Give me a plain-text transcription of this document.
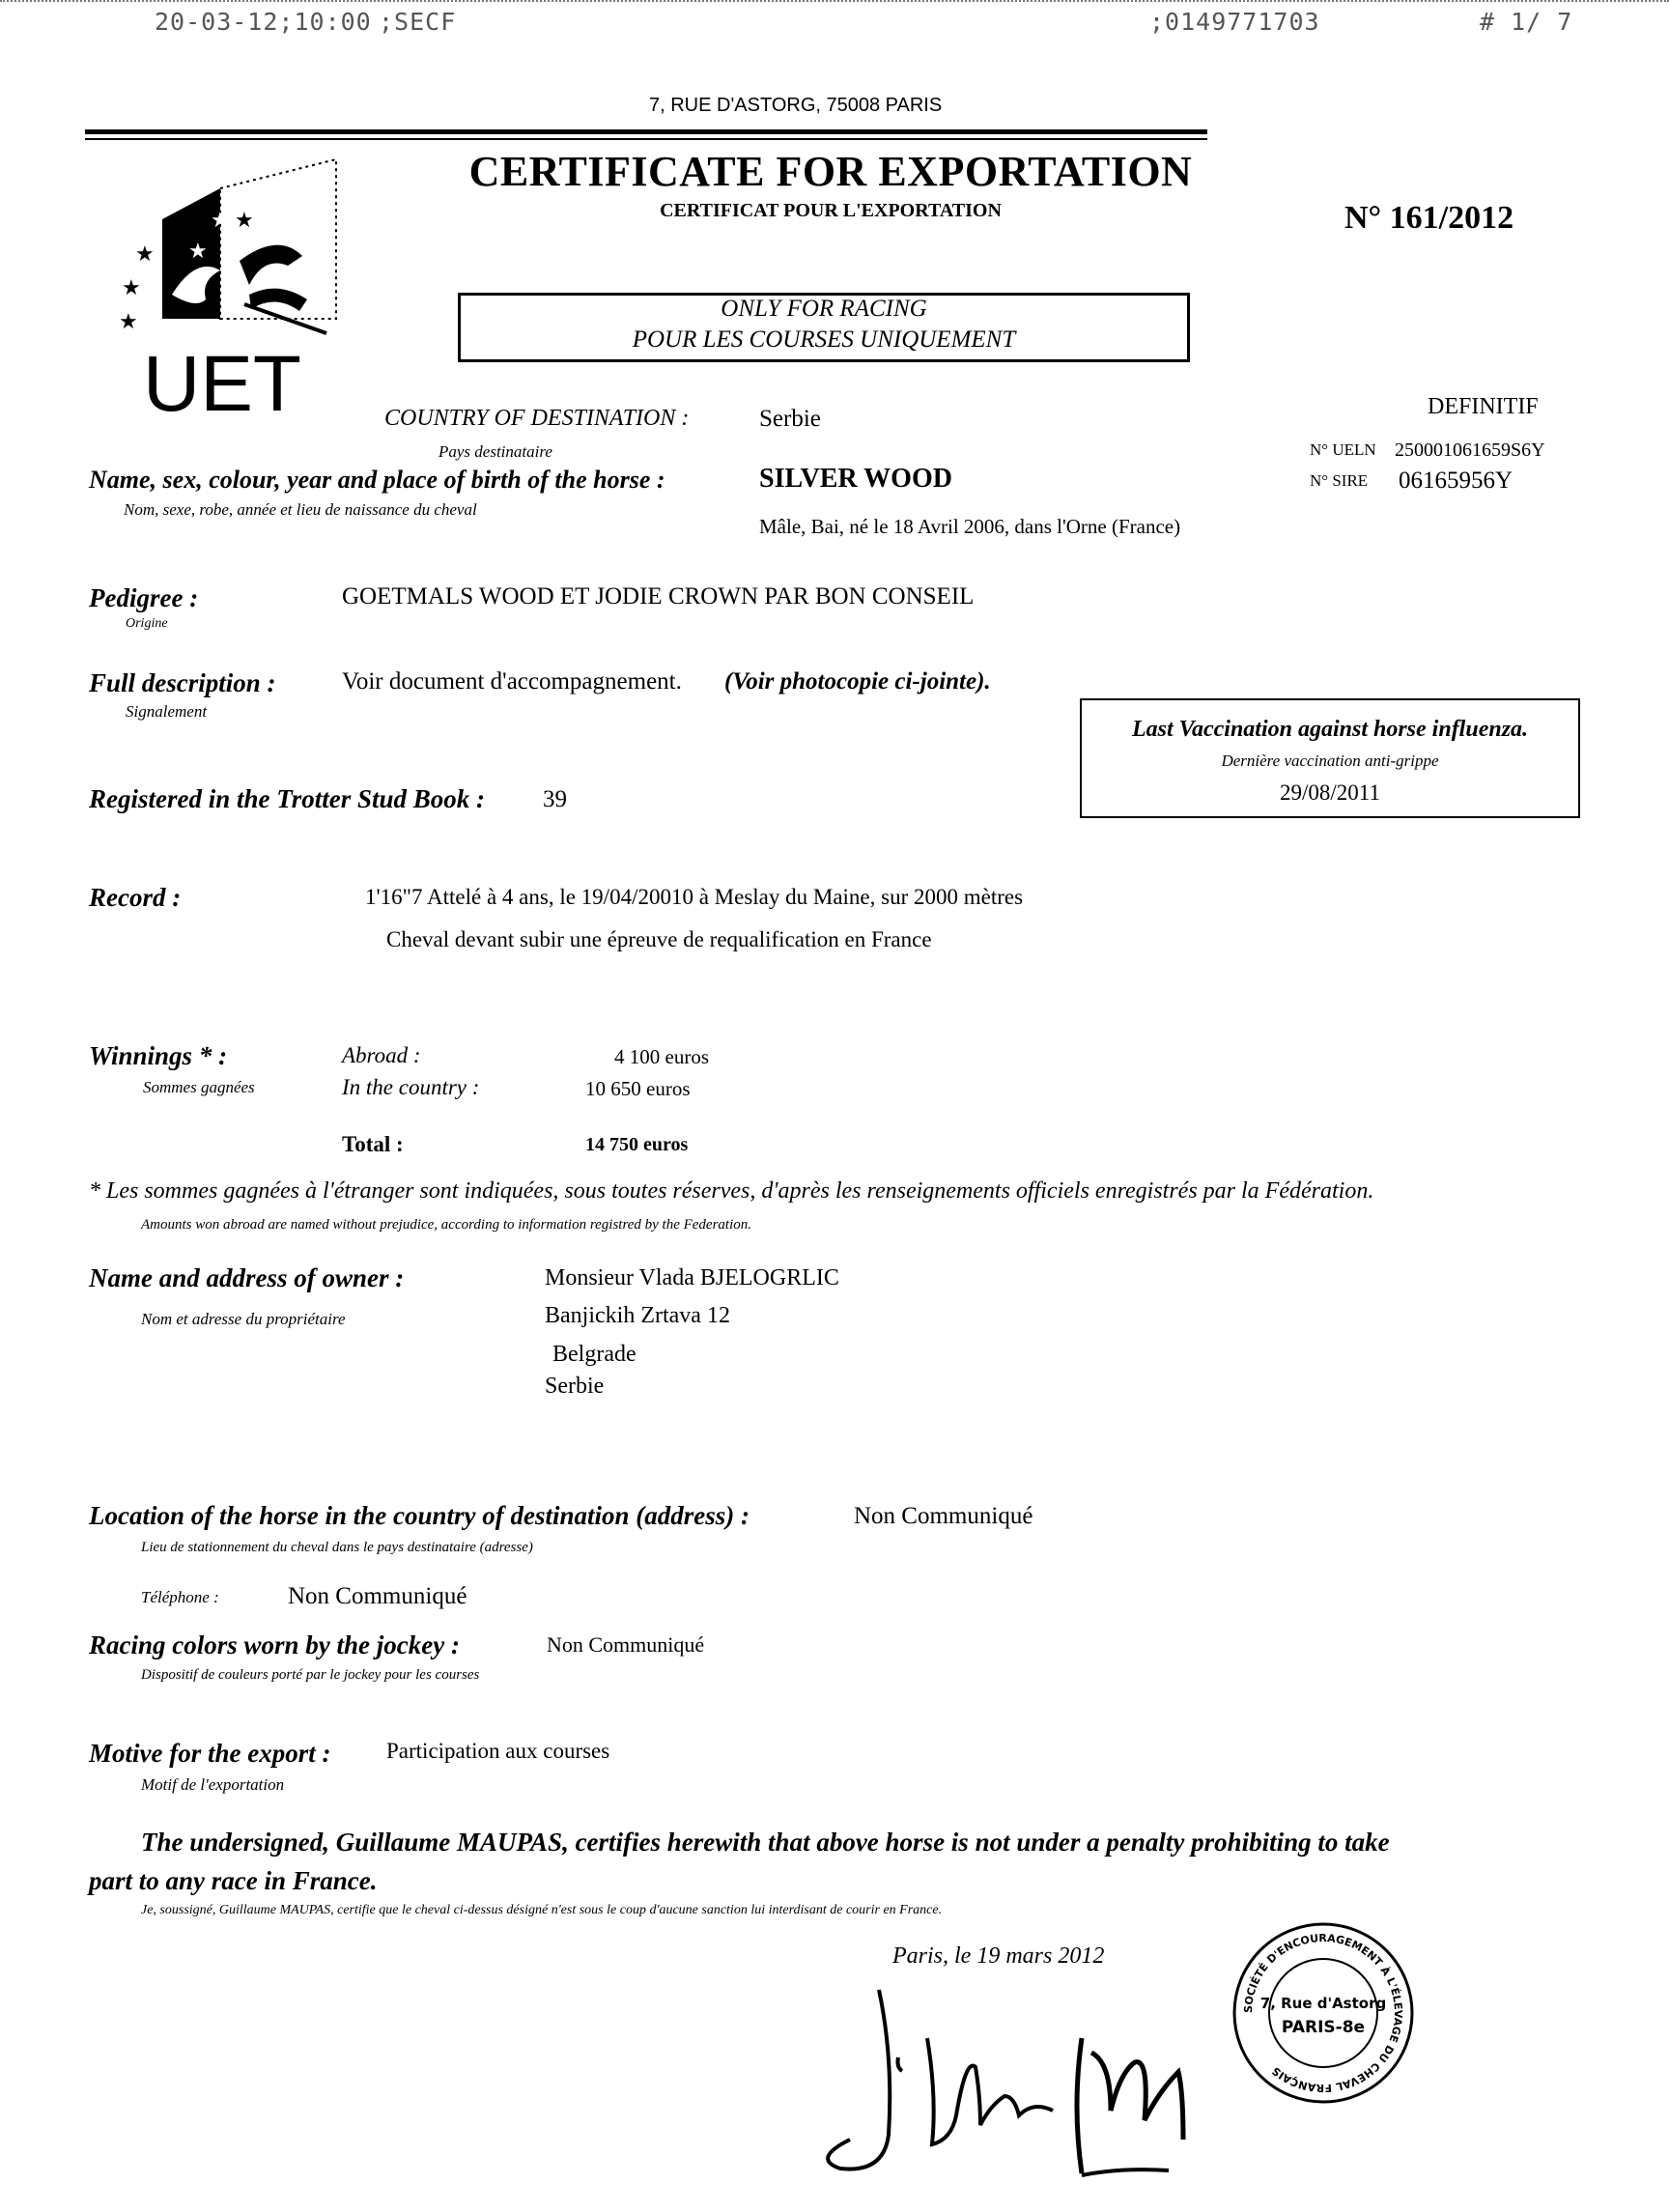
20-03-12;10:00 ;SECF	;0149771703	# 1/ 7
7, RUE D'ASTORG, 75008 PARIS
★
★ ★
★
★
★
UET
CERTIFICATE FOR EXPORTATION
CERTIFICAT POUR L'EXPORTATION	N° 161/2012
ONLY FOR RACING
POUR LES COURSES UNIQUEMENT
DEFINITIF
N° UELN 250001061659S6Y
N° SIRE 06165956Y
COUNTRY OF DESTINATION :
Pays destinataire
Serbie
Name, sex, colour, year and place of birth of the horse :
Nom, sexe, robe, année et lieu de naissance du cheval
SILVER WOOD
Mâle, Bai, né le 18 Avril 2006, dans l'Orne (France)
Pedigree :
Origine
GOETMALS WOOD ET JODIE CROWN PAR BON CONSEIL
Full description :
Signalement
Voir document d'accompagnement. (Voir photocopie ci-jointe).
Last Vaccination against horse influenza.
Dernière vaccination anti-grippe
29/08/2011
Registered in the Trotter Stud Book : 39
Record :	1'16"7 Attelé à 4 ans, le 19/04/20010 à Meslay du Maine, sur 2000 mètres
Cheval devant subir une épreuve de requalification en France
Winnings * :
Sommes gagnées
Abroad :	4 100 euros
In the country :	10 650 euros
Total :	14 750 euros
* Les sommes gagnées à l'étranger sont indiquées, sous toutes réserves, d'après les renseignements officiels enregistrés par la Fédération.
Amounts won abroad are named without prejudice, according to information registred by the Federation.
Name and address of owner :
Nom et adresse du propriétaire
Monsieur Vlada BJELOGRLIC
Banjickih Zrtava 12
Belgrade
Serbie
Location of the horse in the country of destination (address) :
Lieu de stationnement du cheval dans le pays destinataire (adresse)
Non Communiqué
Téléphone :	Non Communiqué
Racing colors worn by the jockey :
Dispositif de couleurs porté par le jockey pour les courses
Non Communiqué
Motive for the export :
Motif de l'exportation
Participation aux courses
The undersigned, Guillaume MAUPAS, certifies herewith that above horse is not under a penalty prohibiting to take
part to any race in France.
Je, soussigné, Guillaume MAUPAS, certifie que le cheval ci-dessus désigné n'est sous le coup d'aucune sanction lui interdisant de courir en France.
Paris, le 19 mars 2012
SOCIÉTÉ D'ENCOURAGEMENT À L'ÉLEVAGE DU CHEVAL FRANÇAIS
7, Rue d'Astorg
PARIS-8e
